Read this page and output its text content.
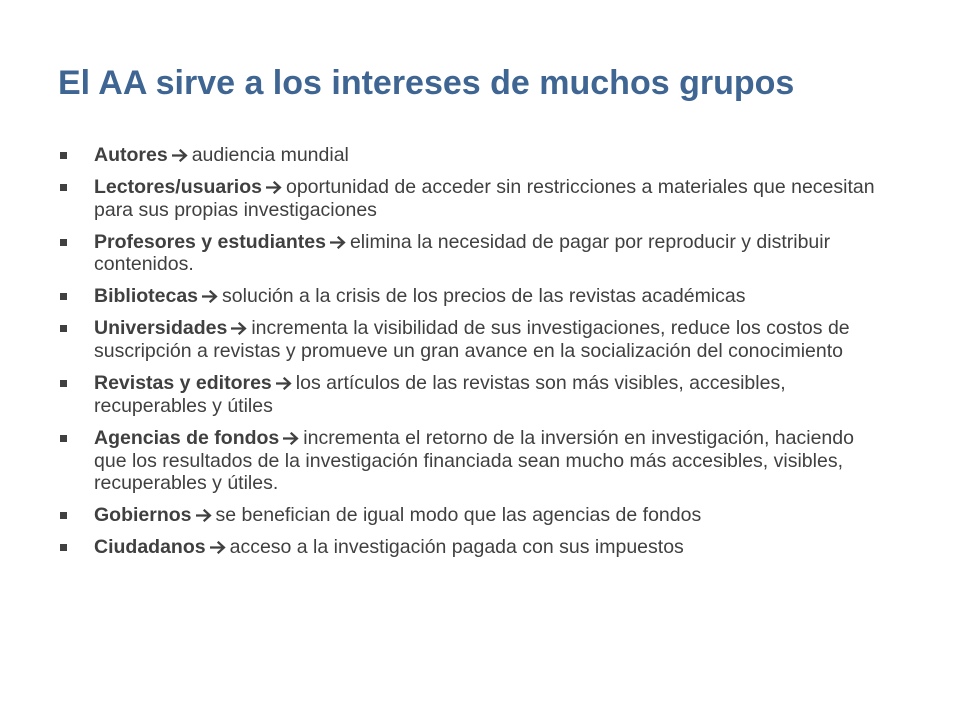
El AA sirve a los intereses de muchos grupos
Autores audiencia mundial
Lectores/usuarios oportunidad de acceder sin restricciones a materiales que necesitan para sus propias investigaciones
Profesores y estudiantes elimina la necesidad de pagar por reproducir y distribuir contenidos.
Bibliotecas solución a la crisis de los precios de las revistas académicas
Universidades incrementa la visibilidad de sus investigaciones, reduce los costos de suscripción a revistas y promueve un gran avance en la socialización del conocimiento
Revistas y editores los artículos de las revistas son más visibles, accesibles, recuperables y útiles
Agencias de fondos incrementa el retorno de la inversión en investigación, haciendo que los resultados de la investigación financiada sean mucho más accesibles, visibles, recuperables y útiles.
Gobiernos se benefician de igual modo que las agencias de fondos
Ciudadanos acceso a la investigación pagada con sus impuestos
